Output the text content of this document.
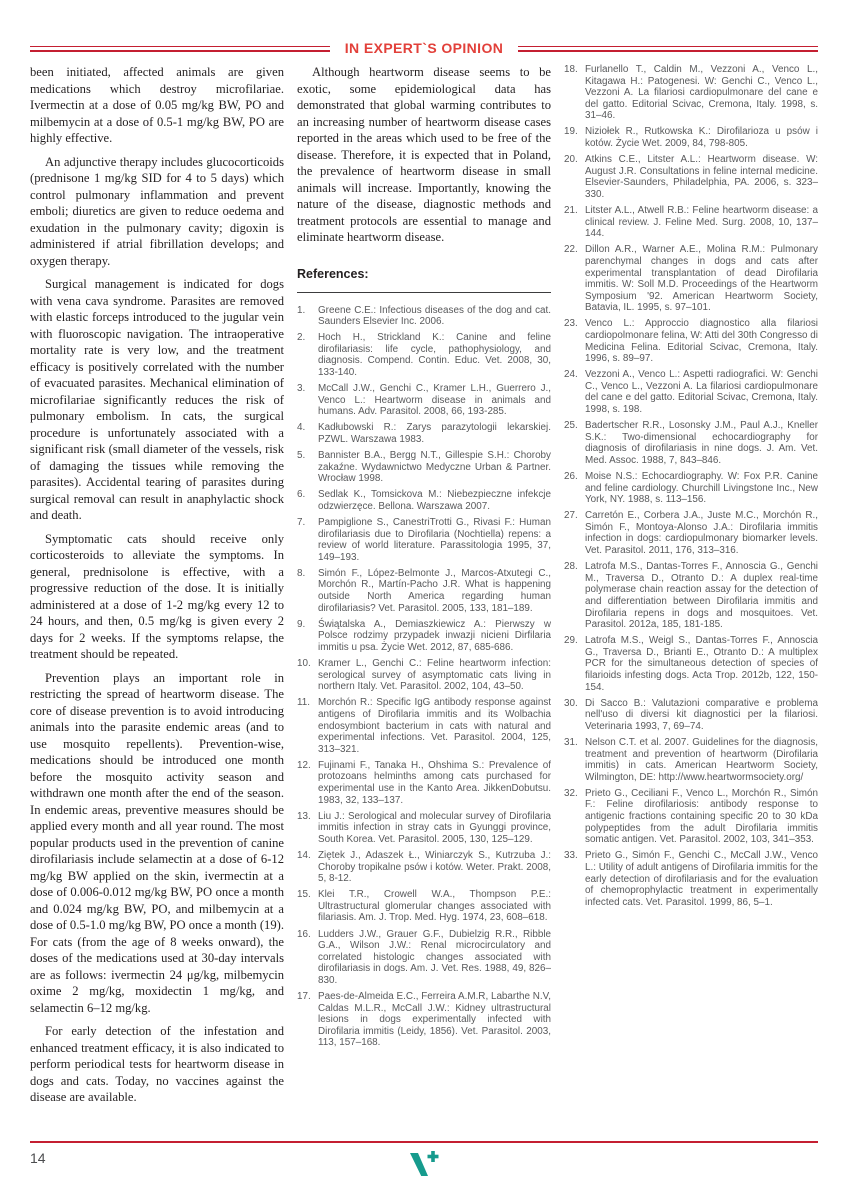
IN EXPERT`S OPINION

been initiated, affected animals are given medications which destroy microfilariae. Ivermectin at a dose of 0.05 mg/kg BW, PO and milbemycin at a dose of 0.5-1 mg/kg BW, PO are highly effective.

An adjunctive therapy includes glucocorticoids (prednisone 1 mg/kg SID for 4 to 5 days) which control pulmonary inflammation and prevent emboli; diuretics are given to reduce oedema and exudation in the pulmonary cavity; digoxin is administered if atrial fibrillation develops; and oxygen therapy.

Surgical management is indicated for dogs with vena cava syndrome. Parasites are removed with elastic forceps introduced to the jugular vein with fluoroscopic navigation. The intraoperative mortality rate is very low, and the treatment efficacy is positively correlated with the number of evacuated parasites. Mechanical elimination of microfilariae significantly reduces the risk of pulmonary embolism. In cats, the surgical procedure is unfortunately associated with a significant risk (small diameter of the vessels, risk of damaging the tissues while removing the parasites). Accidental tearing of parasites during surgical removal can result in anaphylactic shock and death.

Symptomatic cats should receive only corticosteroids to alleviate the symptoms. In general, prednisolone is effective, with a progressive reduction of the dose. It is initially administered at a dose of 1-2 mg/kg every 12 to 24 hours, and then, 0.5 mg/kg is given every 2 days for 2 weeks. If the symptoms relapse, the treatment should be repeated.

Prevention plays an important role in restricting the spread of heartworm disease. The core of disease prevention is to avoid introducing animals into the parasite endemic areas (and to use mosquito repellents). Prevention-wise, medications should be introduced one month before the mosquito activity season and withdrawn one month after the end of the season. In endemic areas, preventive measures should be applied every month and all year round. The most popular products used in the prevention of canine dirofilariasis include selamectin at a dose of 6-12 mg/kg BW applied on the skin, ivermectin at a dose of 0.006-0.012 mg/kg BW, PO once a month and 0.024 mg/kg BW, PO, and milbemycin at a dose of 0.5-1.0 mg/kg BW, PO once a month (19). For cats (from the age of 8 weeks onward), the doses of the medications used at 30-day intervals are as follows: ivermectin 24 μg/kg, milbemycin oxime 2 mg/kg, moxidectin 1 mg/kg, and selamectin 6–12 mg/kg.

For early detection of the infestation and enhanced treatment efficacy, it is also indicated to perform periodical tests for heartworm disease in dogs and cats. Today, no vaccines against the disease are available.

Although heartworm disease seems to be exotic, some epidemiological data has demonstrated that global warming contributes to an increasing number of heartworm disease cases reported in the areas which used to be free of the disease. Therefore, it is expected that in Poland, the prevalence of heartworm disease in small animals will increase. Importantly, knowing the nature of the disease, diagnostic methods and treatment protocols are essential to manage and eliminate heartworm disease.

References:
1.	Greene C.E.: Infectious diseases of the dog and cat. Saunders Elsevier Inc. 2006.
2.	Hoch H., Strickland K.: Canine and feline dirofilariasis: life cycle, pathophysiology, and diagnosis. Compend. Contin. Educ. Vet. 2008, 30, 133-140.
3.	McCall J.W., Genchi C., Kramer L.H., Guerrero J., Venco L.: Heartworm disease in animals and humans. Adv. Parasitol. 2008, 66, 193-285.
4.	Kadłubowski R.: Zarys parazytologii lekarskiej. PZWL. Warszawa 1983.
5.	Bannister B.A., Bergg N.T., Gillespie S.H.: Choroby zakaźne. Wydawnictwo Medyczne Urban & Partner. Wrocław 1998.
6.	Sedlak K., Tomsickova M.: Niebezpieczne infekcje odzwierzęce. Bellona. Warszawa 2007.
7.	Pampiglione S., CanestriTrotti G., Rivasi F.: Human dirofilariasis due to Dirofilaria (Nochtiella) repens: a review of world literature. Parassitologia 1995, 37, 149–193.
8.	Simón F., López-Belmonte J., Marcos-Atxutegi C., Morchón R., Martín-Pacho J.R. What is happening outside North America regarding human dirofilariasis? Vet. Parasitol. 2005, 133, 181–189.
9.	Świątalska A., Demiaszkiewicz A.: Pierwszy w Polsce rodzimy przypadek inwazji nicieni Dirfilaria immitis u psa. Życie Wet. 2012, 87, 685-686.
10. Kramer L., Genchi C.: Feline heartworm infection: serological survey of asymptomatic cats living in northern Italy. Vet. Parasitol. 2002, 104, 43–50.
11. Morchón R.: Specific IgG antibody response against antigens of Dirofilaria immitis and its Wolbachia endosymbiont bacterium in cats with natural and experimental infections. Vet. Parasitol. 2004, 125, 313–321.
12. Fujinami F., Tanaka H., Ohshima S.: Prevalence of protozoans helminths among cats purchased for experimental use in the Kanto Area. JikkenDobutsu. 1983, 32, 133–137.
13. Liu J.: Serological and molecular survey of Dirofilaria immitis infection in stray cats in Gyunggi province, South Korea. Vet. Parasitol. 2005, 130, 125–129.
14. Ziętek J., Adaszek Ł., Winiarczyk S., Kutrzuba J.: Choroby tropikalne psów i kotów. Weter. Prakt. 2008, 5, 8-12.
15. Klei T.R., Crowell W.A., Thompson P.E.: Ultrastructural glomerular changes associated with filariasis. Am. J. Trop. Med. Hyg. 1974, 23, 608–618.
16. Ludders J.W., Grauer G.F., Dubielzig R.R., Ribble G.A., Wilson J.W.: Renal microcirculatory and correlated histologic changes associated with dirofilariasis in dogs. Am. J. Vet. Res. 1988, 49, 826–830.
17. Paes-de-Almeida E.C., Ferreira A.M.R, Labarthe N.V, Caldas M.L.R., McCall J.W.: Kidney ultrastructural lesions in dogs experimentally infected with Dirofilaria immitis (Leidy, 1856). Vet. Parasitol. 2003, 113, 157–168.
18. Furlanello T., Caldin M., Vezzoni A., Venco L., Kitagawa H.: Patogenesi. W: Genchi C., Venco L., Vezzoni A. La filariosi cardiopulmonare del cane e del gatto. Editorial Scivac, Cremona, Italy. 1998, s. 31–46.
19. Niziołek R., Rutkowska K.: Dirofilarioza u psów i kotów. Życie Wet. 2009, 84, 798-805.
20. Atkins C.E., Litster A.L.: Heartworm disease. W: August J.R. Consultations in feline internal medicine. Elsevier-Saunders, Philadelphia, PA. 2006, s. 323–330.
21. Litster A.L., Atwell R.B.: Feline heartworm disease: a clinical review. J. Feline Med. Surg. 2008, 10, 137–144.
22. Dillon A.R., Warner A.E., Molina R.M.: Pulmonary parenchymal changes in dogs and cats after experimental transplantation of dead Dirofilaria immitis. W: Soll M.D. Proceedings of the Heartworm Symposium '92. American Heartworm Society, Batavia, IL. 1995, s. 97–101.
23. Venco L.: Approccio diagnostico alla filariosi cardiopolmonare felina, W: Atti del 30th Congresso di Medicina Felina. Editorial Scivac, Cremona, Italy. 1996, s. 89–97.
24. Vezzoni A., Venco L.: Aspetti radiografici. W: Genchi C., Venco L., Vezzoni A. La filariosi cardiopulmonare del cane e del gatto. Editorial Scivac, Cremona, Italy. 1998, s. 198.
25. Badertscher R.R., Losonsky J.M., Paul A.J., Kneller S.K.: Two-dimensional echocardiography for diagnosis of dirofilariasis in nine dogs. J. Am. Vet. Med. Assoc. 1988, 7, 843–846.
26. Moise N.S.: Echocardiography. W: Fox P.R. Canine and feline cardiology. Churchill Livingstone Inc., New York, NY. 1988, s. 113–156.
27. Carretón E., Corbera J.A., Juste M.C., Morchón R., Simón F., Montoya-Alonso J.A.: Dirofilaria immitis infection in dogs: cardiopulmonary biomarker levels. Vet. Parasitol. 2011, 176, 313–316.
28. Latrofa M.S., Dantas-Torres F., Annoscia G., Genchi M., Traversa D., Otranto D.: A duplex real-time polymerase chain reaction assay for the detection of and differentiation between Dirofilaria immitis and Dirofilaria repens in dogs and mosquitoes. Vet. Parasitol. 2012a, 185, 181-185.
29. Latrofa M.S., Weigl S., Dantas-Torres F., Annoscia G., Traversa D., Brianti E., Otranto D.: A multiplex PCR for the simultaneous detection of species of filarioids infesting dogs. Acta Trop. 2012b, 122, 150-154.
30. Di Sacco B.: Valutazioni comparative e problema nell'uso di diversi kit diagnostici per la filariosi. Veterinaria 1993, 7, 69–74.
31. Nelson C.T. et al. 2007. Guidelines for the diagnosis, treatment and prevention of heartworm (Dirofilaria immitis) in cats. American Heartworm Society, Wilmington, DE: http://www.heartwormsociety.org/
32. Prieto G., Ceciliani F., Venco L., Morchón R., Simón F.: Feline dirofilariosis: antibody response to antigenic fractions containing specific 20 to 30 kDa polypeptides from the adult Dirofilaria immitis somatic antigen. Vet. Parasitol. 2002, 103, 341–353.
33. Prieto G., Simón F., Genchi C., McCall J.W., Venco L.: Utility of adult antigens of Dirofilaria immitis for the early detection of dirofilariasis and for the evaluation of chemoprophylactic treatment in experimentally infected cats. Vet. Parasitol. 1999, 86, 5–1.
14
